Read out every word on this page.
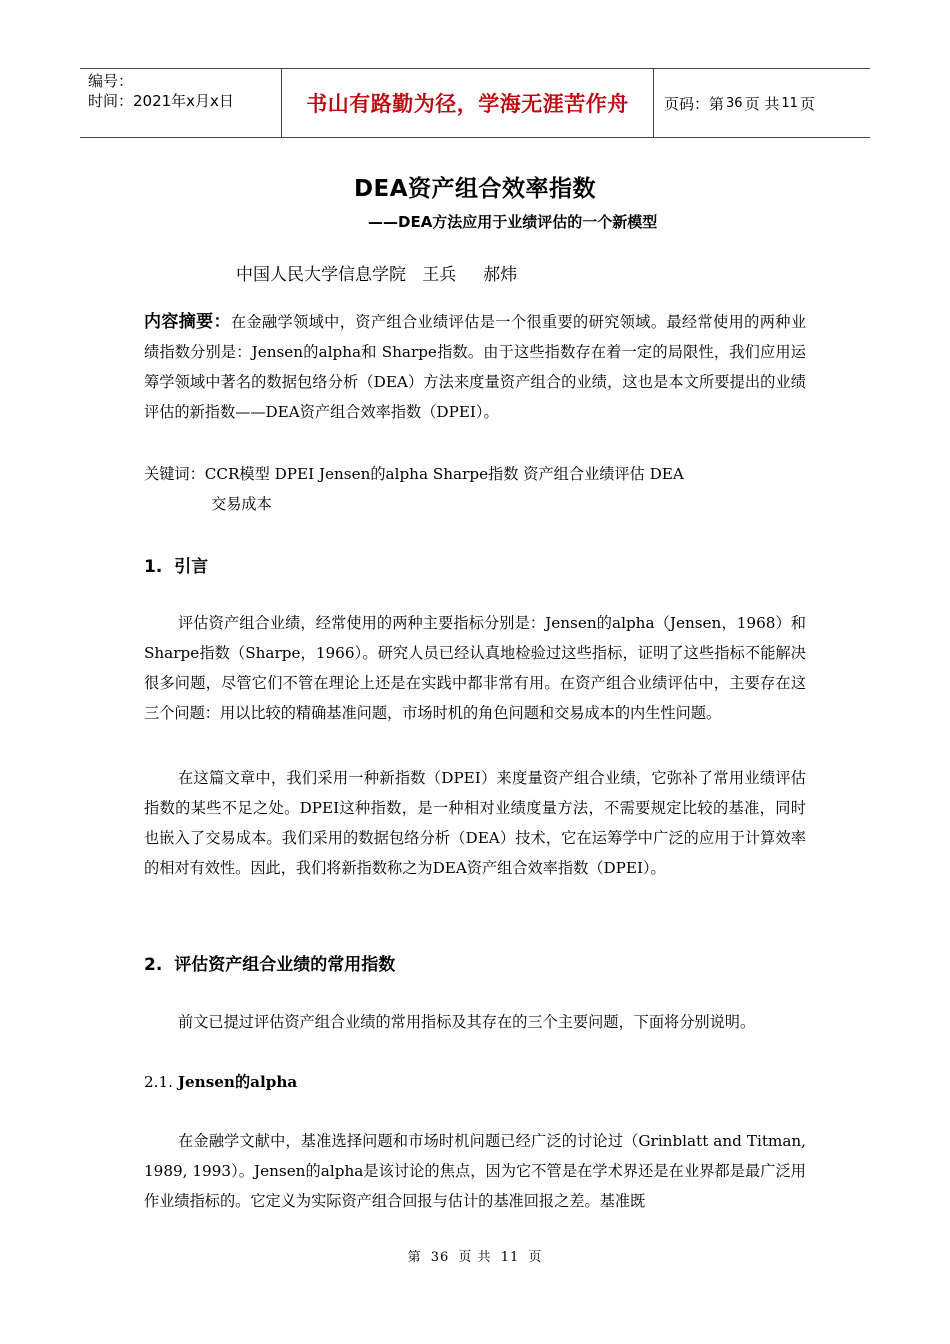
编号：
时间：2021年x月x日	书山有路勤为径，学海无涯苦作舟	页码：第 36 页 共 11 页
DEA资产组合效率指数
——DEA方法应用于业绩评估的一个新模型
中国人民大学信息学院   王兵     郝炜

内容摘要：在金融学领域中，资产组合业绩评估是一个很重要的研究领域。最经常使用的两种业绩指数分别是：Jensen的alpha和 Sharpe指数。由于这些指数存在着一定的局限性，我们应用运筹学领域中著名的数据包络分析（DEA）方法来度量资产组合的业绩，这也是本文所要提出的业绩评估的新指数——DEA资产组合效率指数（DPEI）。

关键词：CCR模型 DPEI Jensen的alpha Sharpe指数 资产组合业绩评估 DEA
交易成本
1. 引言

评估资产组合业绩，经常使用的两种主要指标分别是：Jensen的alpha（Jensen，1968）和Sharpe指数（Sharpe，1966）。研究人员已经认真地检验过这些指标，证明了这些指标不能解决很多问题，尽管它们不管在理论上还是在实践中都非常有用。在资产组合业绩评估中，主要存在这三个问题：用以比较的精确基准问题，市场时机的角色问题和交易成本的内生性问题。

在这篇文章中，我们采用一种新指数（DPEI）来度量资产组合业绩，它弥补了常用业绩评估指数的某些不足之处。DPEI这种指数，是一种相对业绩度量方法，不需要规定比较的基准，同时也嵌入了交易成本。我们采用的数据包络分析（DEA）技术，它在运筹学中广泛的应用于计算效率的相对有效性。因此，我们将新指数称之为DEA资产组合效率指数（DPEI）。

2. 评估资产组合业绩的常用指数

前文已提过评估资产组合业绩的常用指标及其存在的三个主要问题，下面将分别说明。

2.1. Jensen的alpha

在金融学文献中，基准选择问题和市场时机问题已经广泛的讨论过（Grinblatt and Titman, 1989, 1993）。Jensen的alpha是该讨论的焦点，因为它不管是在学术界还是在业界都是最广泛用作业绩指标的。它定义为实际资产组合回报与估计的基准回报之差。基准既

第 36 页 共 11 页
